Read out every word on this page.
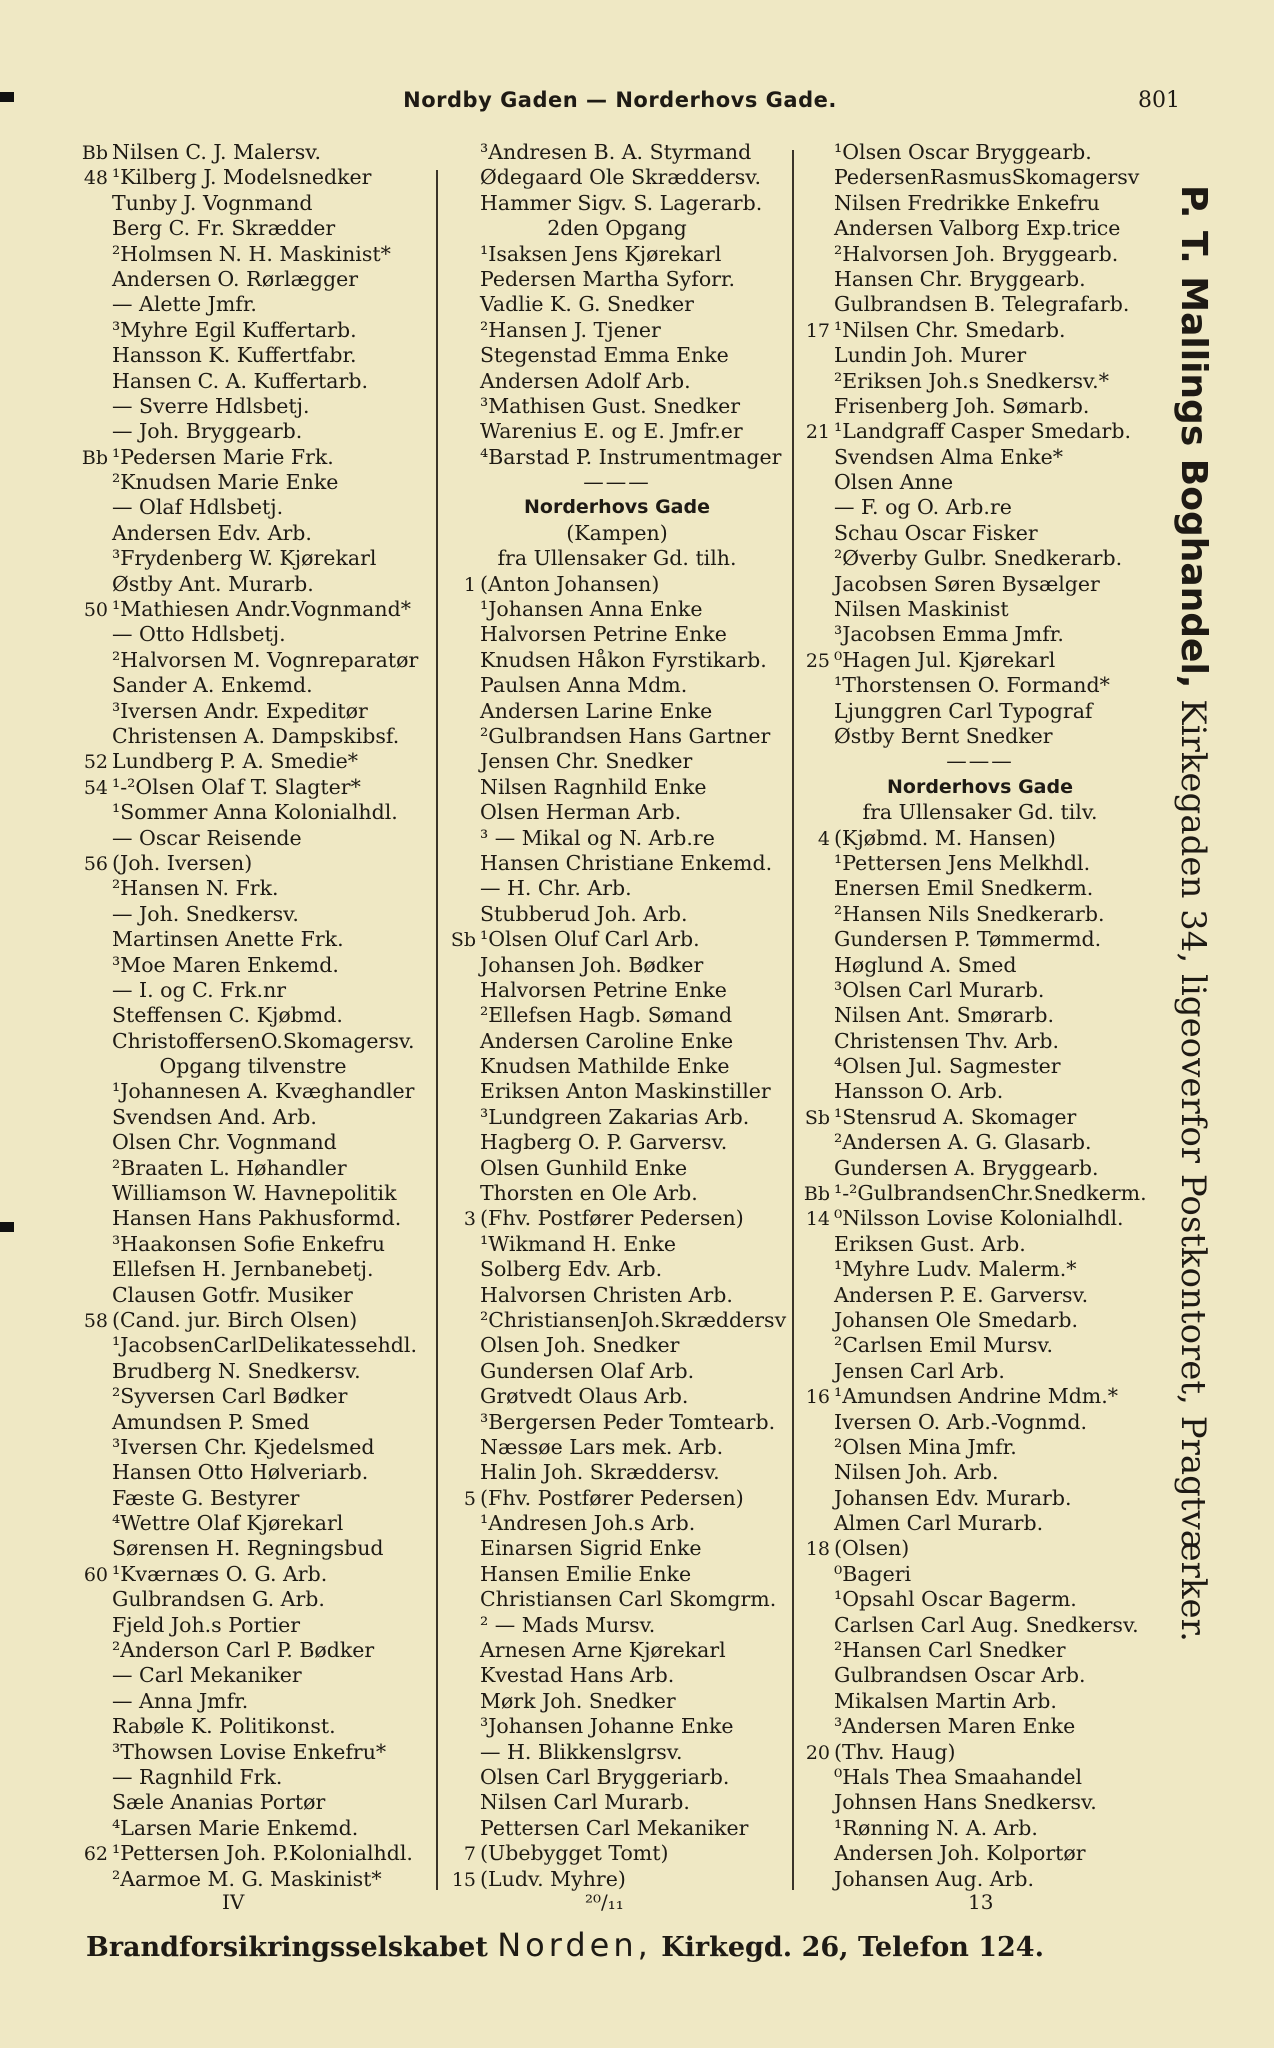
Nordby Gaden — Norderhovs Gade.	801
Bb Nilsen C. J. Malersv.
48 ¹Kilberg J. Modelsnedker
Tunby J. Vognmand
Berg C. Fr. Skrædder
²Holmsen N. H. Maskinist*
Andersen O. Rørlægger
— Alette Jmfr.
³Myhre Egil Kuffertarb.
Hansson K. Kuffertfabr.
Hansen C. A. Kuffertarb.
— Sverre Hdlsbetj.
— Joh. Bryggearb.
Bb ¹Pedersen Marie Frk.
²Knudsen Marie Enke
— Olaf Hdlsbetj.
Andersen Edv. Arb.
³Frydenberg W. Kjørekarl
Østby Ant. Murarb.
50 ¹Mathiesen Andr.Vognmand*
— Otto Hdlsbetj.
²Halvorsen M. Vognreparatør
Sander A. Enkemd.
³Iversen Andr. Expeditør
Christensen A. Dampskibsf.
52 Lundberg P. A. Smedie*
54 ¹-²Olsen Olaf T. Slagter*
¹Sommer Anna Kolonialhdl.
— Oscar Reisende
56 (Joh. Iversen)
²Hansen N. Frk.
— Joh. Snedkersv.
Martinsen Anette Frk.
³Moe Maren Enkemd.
— I. og C. Frk.nr
Steffensen C. Kjøbmd.
ChristoffersenO.Skomagersv.
Opgang tilvenstre
¹Johannesen A. Kvæghandler
Svendsen And. Arb.
Olsen Chr. Vognmand
²Braaten L. Høhandler
Williamson W. Havnepolitik
Hansen Hans Pakhusformd.
³Haakonsen Sofie Enkefru
Ellefsen H. Jernbanebetj.
Clausen Gotfr. Musiker
58 (Cand. jur. Birch Olsen)
¹JacobsenCarlDelikatessehdl.
Brudberg N. Snedkersv.
²Syversen Carl Bødker
Amundsen P. Smed
³Iversen Chr. Kjedelsmed
Hansen Otto Hølveriarb.
Fæste G. Bestyrer
⁴Wettre Olaf Kjørekarl
Sørensen H. Regningsbud
60 ¹Kværnæs O. G. Arb.
Gulbrandsen G. Arb.
Fjeld Joh.s Portier
²Anderson Carl P. Bødker
— Carl Mekaniker
— Anna Jmfr.
Rabøle K. Politikonst.
³Thowsen Lovise Enkefru*
— Ragnhild Frk.
Sæle Ananias Portør
⁴Larsen Marie Enkemd.
62 ¹Pettersen Joh. P.Kolonialhdl.
²Aarmoe M. G. Maskinist*
³Andresen B. A. Styrmand
Ødegaard Ole Skræddersv.
Hammer Sigv. S. Lagerarb.
2den Opgang
¹Isaksen Jens Kjørekarl
Pedersen Martha Syforr.
Vadlie K. G. Snedker
²Hansen J. Tjener
Stegenstad Emma Enke
Andersen Adolf Arb.
³Mathisen Gust. Snedker
Warenius E. og E. Jmfr.er
⁴Barstad P. Instrumentmager
———
Norderhovs Gade
(Kampen)
fra Ullensaker Gd. tilh.
1 (Anton Johansen)
¹Johansen Anna Enke
Halvorsen Petrine Enke
Knudsen Håkon Fyrstikarb.
Paulsen Anna Mdm.
Andersen Larine Enke
²Gulbrandsen Hans Gartner
Jensen Chr. Snedker
Nilsen Ragnhild Enke
Olsen Herman Arb.
³ — Mikal og N. Arb.re
Hansen Christiane Enkemd.
— H. Chr. Arb.
Stubberud Joh. Arb.
Sb ¹Olsen Oluf Carl Arb.
Johansen Joh. Bødker
Halvorsen Petrine Enke
²Ellefsen Hagb. Sømand
Andersen Caroline Enke
Knudsen Mathilde Enke
Eriksen Anton Maskinstiller
³Lundgreen Zakarias Arb.
Hagberg O. P. Garversv.
Olsen Gunhild Enke
Thorsten en Ole Arb.
3 (Fhv. Postfører Pedersen)
¹Wikmand H. Enke
Solberg Edv. Arb.
Halvorsen Christen Arb.
²ChristiansenJoh.Skræddersv
Olsen Joh. Snedker
Gundersen Olaf Arb.
Grøtvedt Olaus Arb.
³Bergersen Peder Tomtearb.
Næssøe Lars mek. Arb.
Halin Joh. Skræddersv.
5 (Fhv. Postfører Pedersen)
¹Andresen Joh.s Arb.
Einarsen Sigrid Enke
Hansen Emilie Enke
Christiansen Carl Skomgrm.
² — Mads Mursv.
Arnesen Arne Kjørekarl
Kvestad Hans Arb.
Mørk Joh. Snedker
³Johansen Johanne Enke
— H. Blikkenslgrsv.
Olsen Carl Bryggeriarb.
Nilsen Carl Murarb.
Pettersen Carl Mekaniker
7 (Ubebygget Tomt)
15 (Ludv. Myhre)
¹Olsen Oscar Bryggearb.
PedersenRasmusSkomagersv
Nilsen Fredrikke Enkefru
Andersen Valborg Exp.trice
²Halvorsen Joh. Bryggearb.
Hansen Chr. Bryggearb.
Gulbrandsen B. Telegrafarb.
17 ¹Nilsen Chr. Smedarb.
Lundin Joh. Murer
²Eriksen Joh.s Snedkersv.*
Frisenberg Joh. Sømarb.
21 ¹Landgraff Casper Smedarb.
Svendsen Alma Enke*
Olsen Anne
— F. og O. Arb.re
Schau Oscar Fisker
²Øverby Gulbr. Snedkerarb.
Jacobsen Søren Bysælger
Nilsen Maskinist
³Jacobsen Emma Jmfr.
25 ⁰Hagen Jul. Kjørekarl
¹Thorstensen O. Formand*
Ljunggren Carl Typograf
Østby Bernt Snedker
———
Norderhovs Gade
fra Ullensaker Gd. tilv.
4 (Kjøbmd. M. Hansen)
¹Pettersen Jens Melkhdl.
Enersen Emil Snedkerm.
²Hansen Nils Snedkerarb.
Gundersen P. Tømmermd.
Høglund A. Smed
³Olsen Carl Murarb.
Nilsen Ant. Smørarb.
Christensen Thv. Arb.
⁴Olsen Jul. Sagmester
Hansson O. Arb.
Sb ¹Stensrud A. Skomager
²Andersen A. G. Glasarb.
Gundersen A. Bryggearb.
Bb ¹-²GulbrandsenChr.Snedkerm.
14 ⁰Nilsson Lovise Kolonialhdl.
Eriksen Gust. Arb.
¹Myhre Ludv. Malerm.*
Andersen P. E. Garversv.
Johansen Ole Smedarb.
²Carlsen Emil Mursv.
Jensen Carl Arb.
16 ¹Amundsen Andrine Mdm.*
Iversen O. Arb.-Vognmd.
²Olsen Mina Jmfr.
Nilsen Joh. Arb.
Johansen Edv. Murarb.
Almen Carl Murarb.
18 (Olsen)
⁰Bageri
¹Opsahl Oscar Bagerm.
Carlsen Carl Aug. Snedkersv.
²Hansen Carl Snedker
Gulbrandsen Oscar Arb.
Mikalsen Martin Arb.
³Andersen Maren Enke
20 (Thv. Haug)
⁰Hals Thea Smaahandel
Johnsen Hans Snedkersv.
¹Rønning N. A. Arb.
Andersen Joh. Kolportør
Johansen Aug. Arb.
IV	²⁰/₁₁	13
P. T. Mallings Boghandel, Kirkegaden 34, ligeoverfor Postkontoret, Pragtværker.
Brandforsikringsselskabet Norden, Kirkegd. 26, Telefon 124.
